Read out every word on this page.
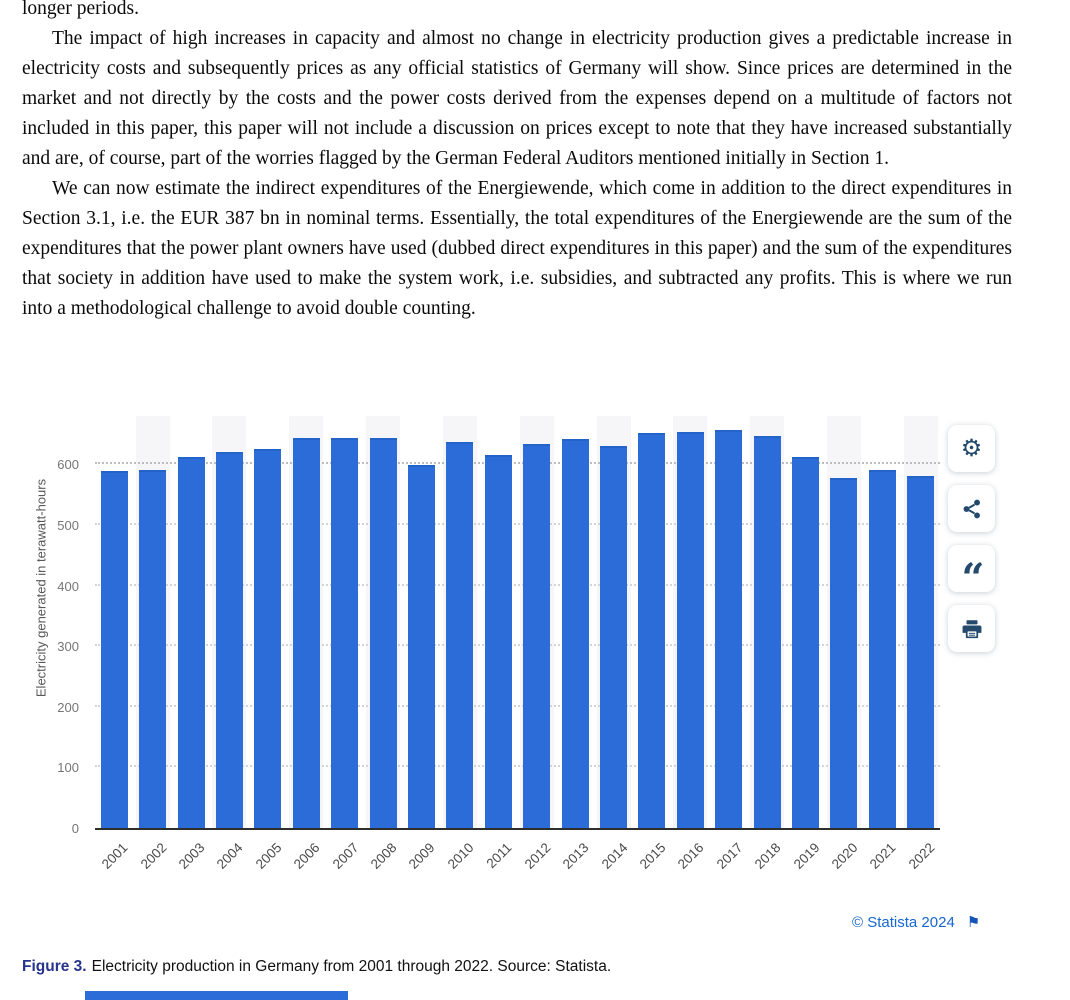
longer periods.

The impact of high increases in capacity and almost no change in electricity production gives a predictable increase in electricity costs and subsequently prices as any official statistics of Germany will show. Since prices are determined in the market and not directly by the costs and the power costs derived from the expenses depend on a multitude of factors not included in this paper, this paper will not include a discussion on prices except to note that they have increased substantially and are, of course, part of the worries flagged by the German Federal Auditors mentioned initially in Section 1.

We can now estimate the indirect expenditures of the Energiewende, which come in addition to the direct expenditures in Section 3.1, i.e. the EUR 387 bn in nominal terms. Essentially, the total expenditures of the Energiewende are the sum of the expenditures that the power plant owners have used (dubbed direct expenditures in this paper) and the sum of the expenditures that society in addition have used to make the system work, i.e. subsidies, and subtracted any profits. This is where we run into a methodological challenge to avoid double counting.

Electricity generated in terawatt-hours
0
100
200
300
400
500
600
2001 2002 2003 2004 2005 2006 2007 2008 2009 2010 2011 2012 2013 2014 2015 2016 2017 2018 2019 2020 2021 2022
⚙
“
© Statista 2024 ⚑
Figure 3. Electricity production in Germany from 2001 through 2022. Source: Statista.
